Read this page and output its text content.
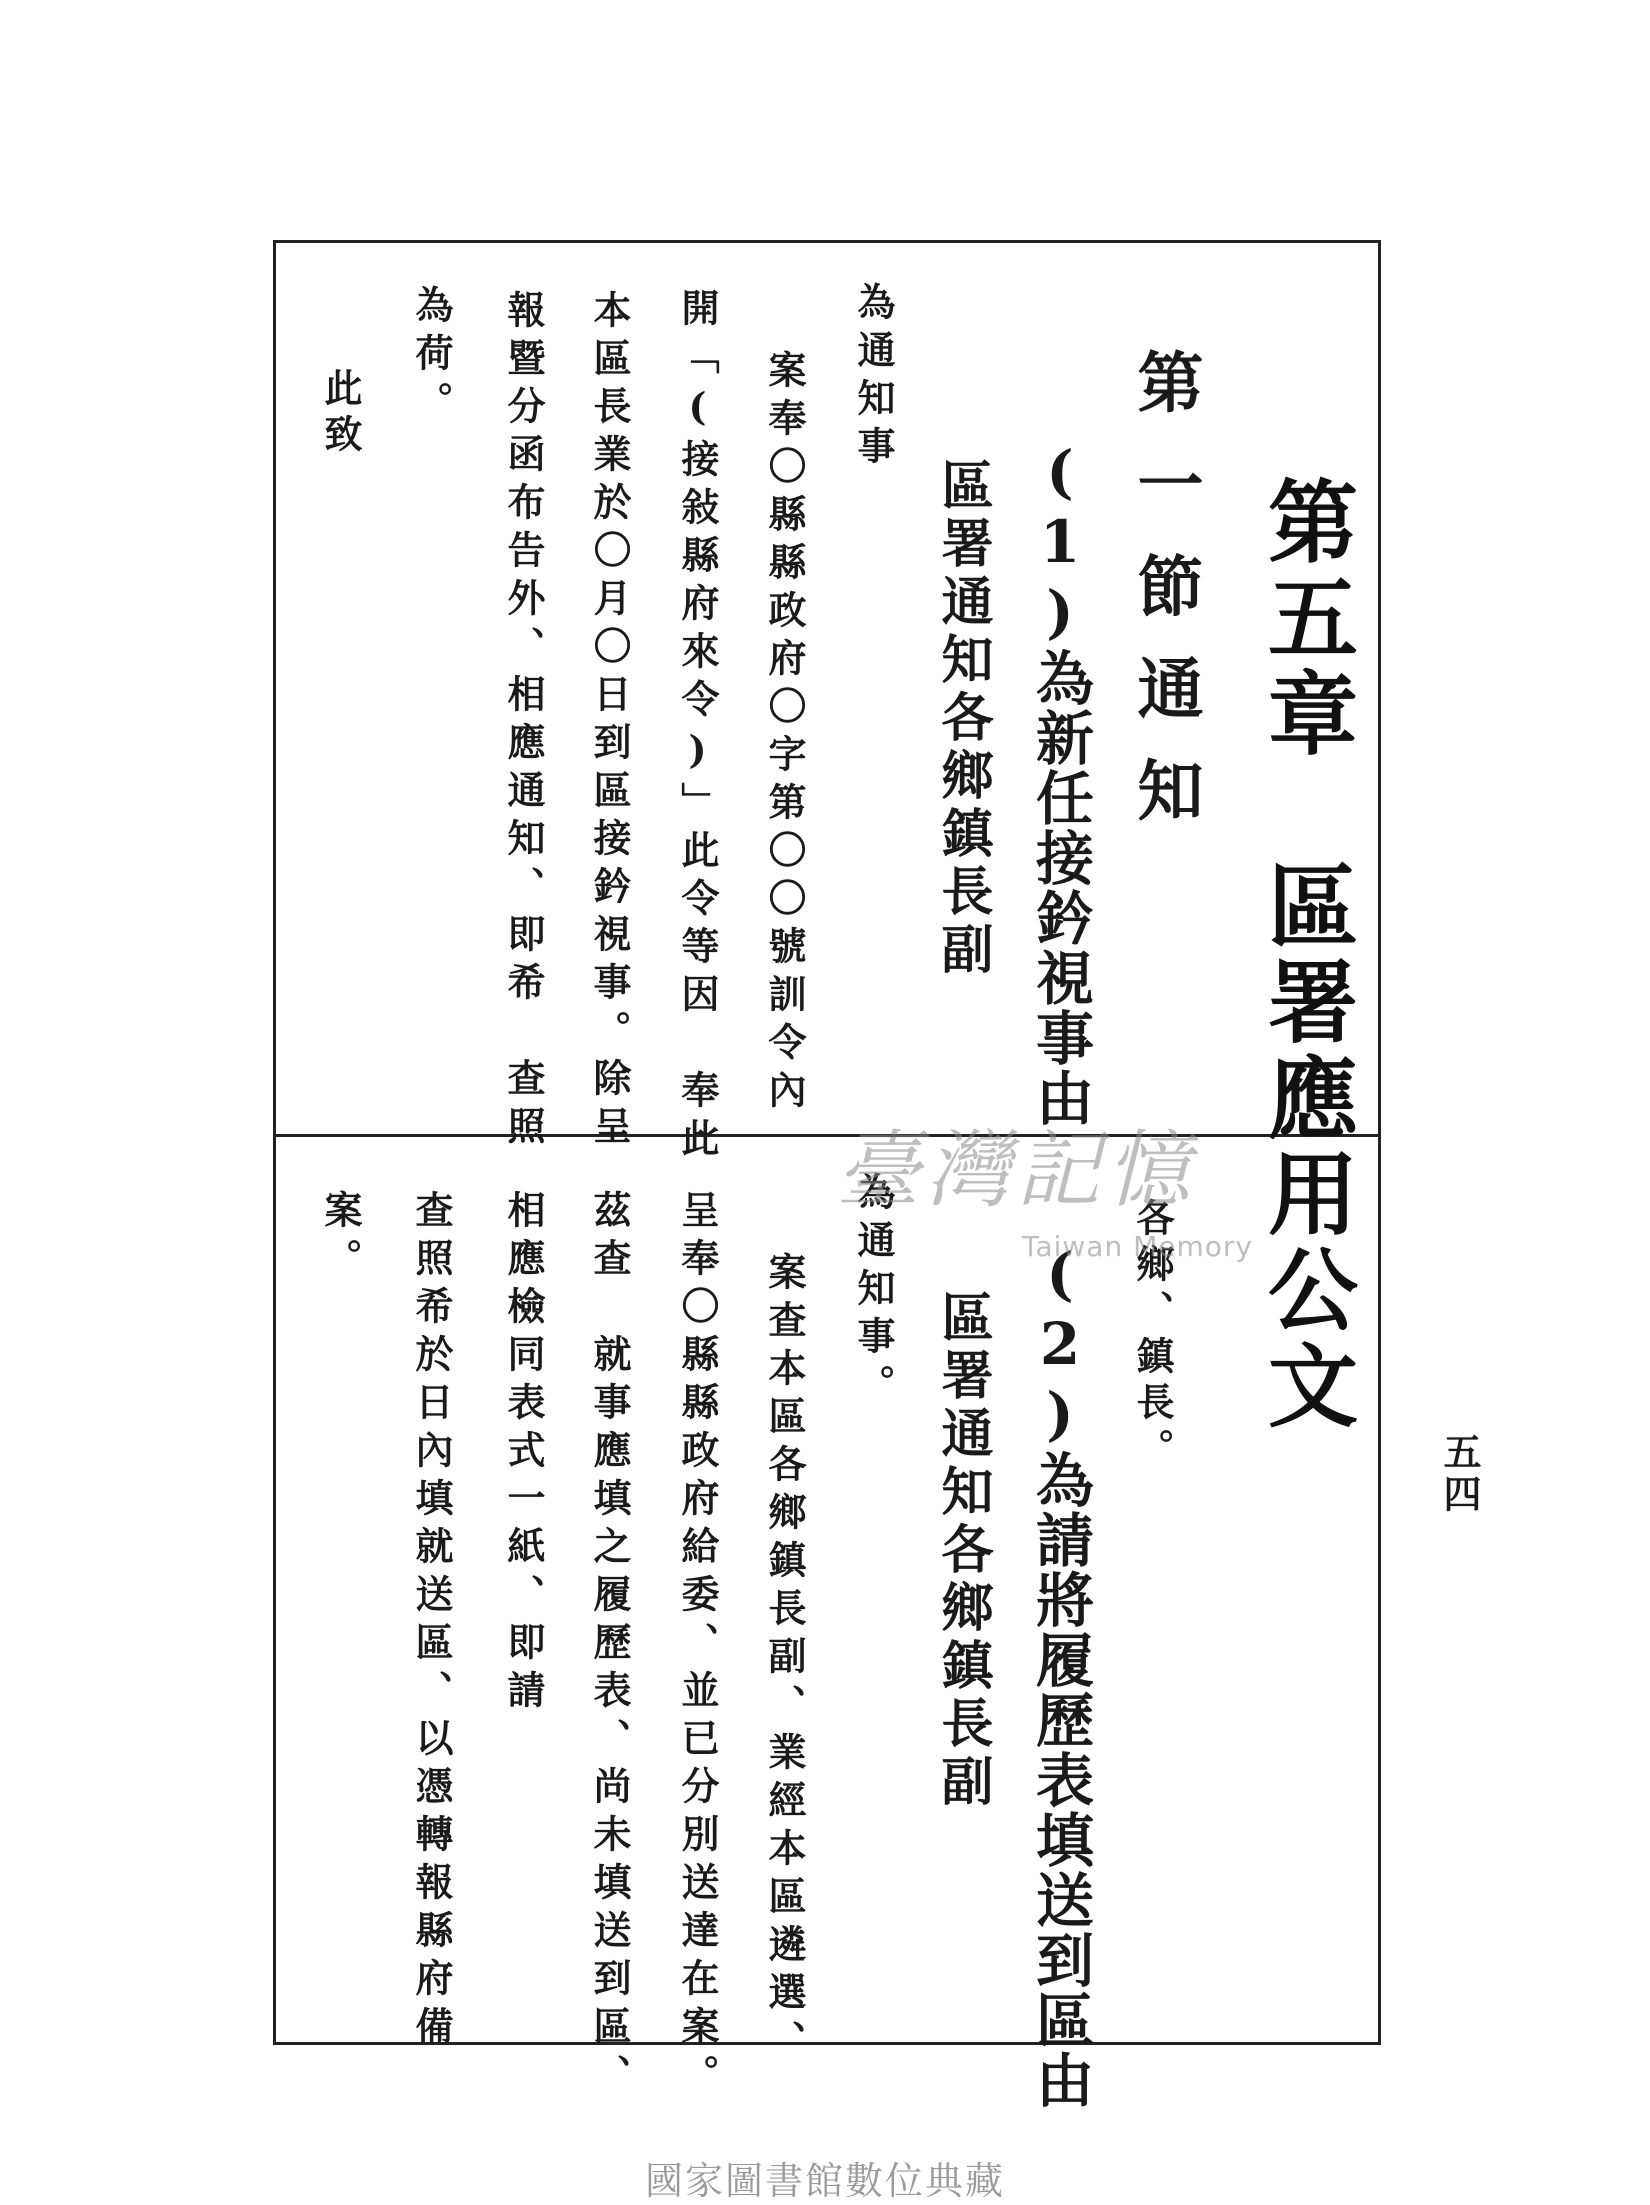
第五章　區署應用公文
第一節通知
(1)為新任接鈐視事由
區署通知各鄉鎮長副
為通知事
案奉〇縣縣政府〇字第〇〇號訓令內
開「(接敍縣府來令)」此令等因　奉此
本區長業於〇月〇日到區接鈐視事。除呈
報暨分函布告外、相應通知、即希　查照
為荷。
此致
各鄉、鎮長。
(2)為請將履歷表填送到區由
區署通知各鄉鎮長副
為通知事。
案查本區各鄉鎮長副、業經本區遴選、
呈奉〇縣縣政府給委、並已分別送達在案。
茲查　就事應填之履歷表、尚未填送到區、
相應檢同表式一紙、即請
查照希於日內填就送區、以憑轉報縣府備
案。
五四
臺灣記憶
Taiwan Memory
國家圖書館數位典藏
